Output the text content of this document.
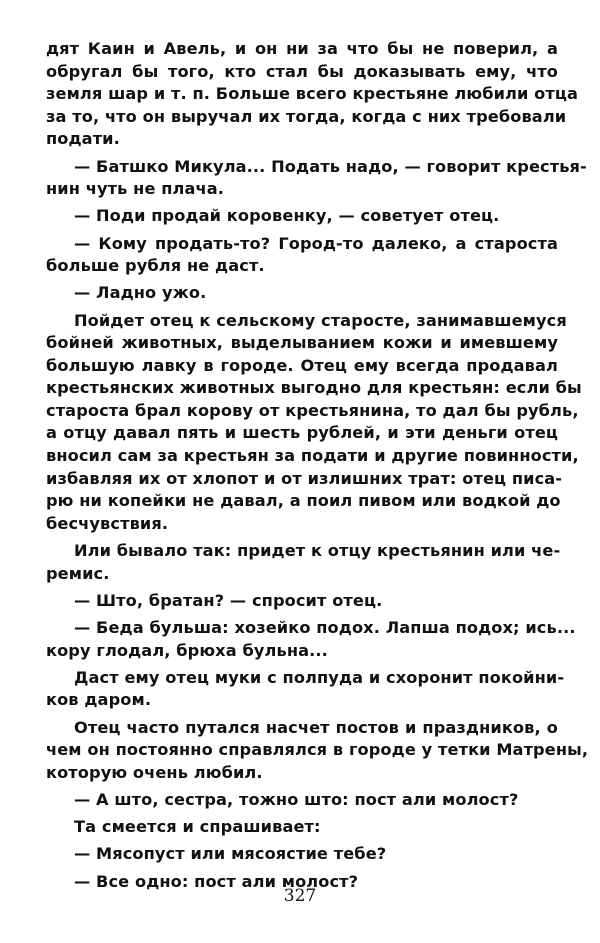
дят Каин и Авель, и он ни за что бы не поверил, а
обругал бы того, кто стал бы доказывать ему, что
земля шар и т. п. Больше всего крестьяне любили отца
за то, что он выручал их тогда, когда с них требовали
подати.
— Батшко Микула... Подать надо, — говорит крестья-
нин чуть не плача.
— Поди продай коровенку, — советует отец.
— Кому продать-то? Город-то далеко, а староста
больше рубля не даст.
— Ладно ужо.
Пойдет отец к сельскому старосте, занимавшемуся
бойней животных, выделыванием кожи и имевшему
большую лавку в городе. Отец ему всегда продавал
крестьянских животных выгодно для крестьян: если бы
староста брал корову от крестьянина, то дал бы рубль,
а отцу давал пять и шесть рублей, и эти деньги отец
вносил сам за крестьян за подати и другие повинности,
избавляя их от хлопот и от излишних трат: отец писа-
рю ни копейки не давал, а поил пивом или водкой до
бесчувствия.
Или бывало так: придет к отцу крестьянин или че-
ремис.
— Што, братан? — спросит отец.
— Беда бульша: хозейко подох. Лапша подох; ись...
кору глодал, брюха бульна...
Даст ему отец муки с полпуда и схоронит покойни-
ков даром.
Отец часто путался насчет постов и праздников, о
чем он постоянно справлялся в городе у тетки Матрены,
которую очень любил.
— А што, сестра, тожно што: пост али молост?
Та смеется и спрашивает:
— Мясопуст или мясоястие тебе?
— Все одно: пост али молост?
327
